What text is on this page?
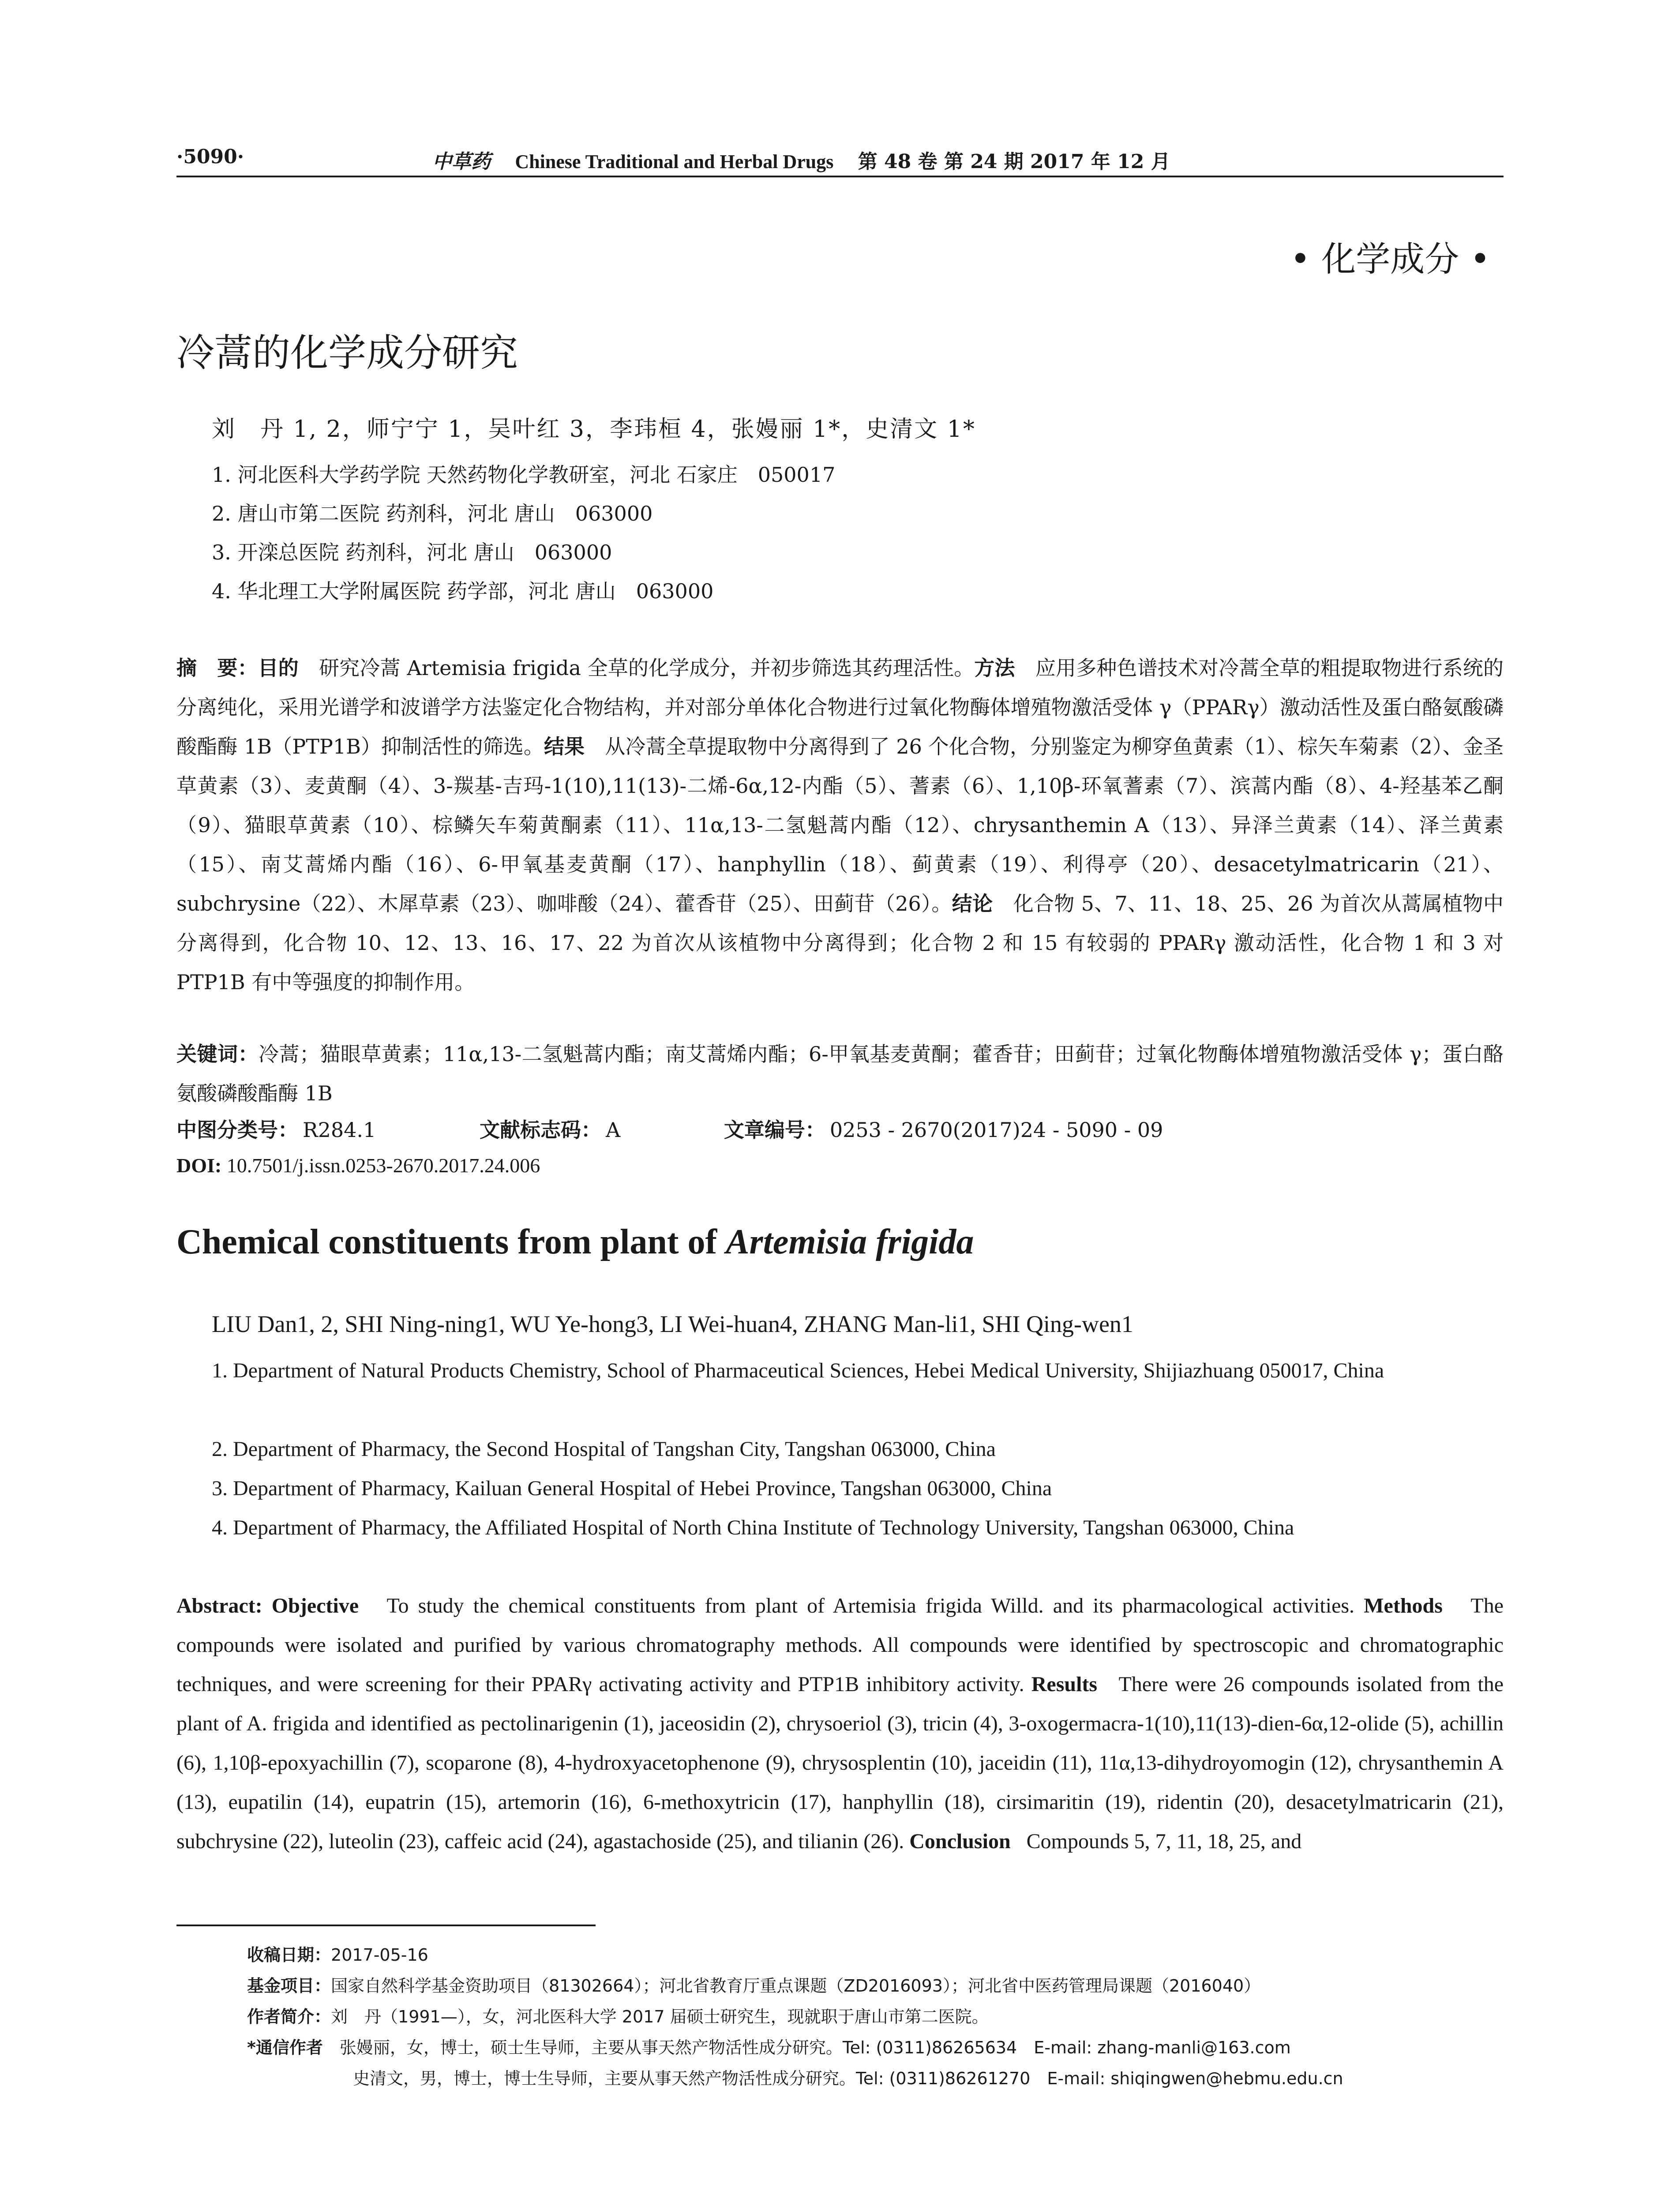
·5090·	中草药 Chinese Traditional and Herbal Drugs 第 48 卷 第 24 期 2017 年 12 月
• 化学成分 •
冷蒿的化学成分研究
刘　丹 1, 2，师宁宁 1，吴叶红 3，李玮桓 4，张嫚丽 1*，史清文 1*
1. 河北医科大学药学院 天然药物化学教研室，河北 石家庄　050017
2. 唐山市第二医院 药剂科，河北 唐山　063000
3. 开滦总医院 药剂科，河北 唐山　063000
4. 华北理工大学附属医院 药学部，河北 唐山　063000
摘　要：目的　 研究冷蒿 Artemisia frigida 全草的化学成分，并初步筛选其药理活性。方法　 应用多种色谱技术对冷蒿全草的粗提取物进行系统的分离纯化，采用光谱学和波谱学方法鉴定化合物结构，并对部分单体化合物进行过氧化物酶体增殖物激活受体 γ（PPARγ）激动活性及蛋白酪氨酸磷酸酯酶 1B（PTP1B）抑制活性的筛选。结果　 从冷蒿全草提取物中分离得到了 26 个化合物，分别鉴定为柳穿鱼黄素（1）、棕矢车菊素（2）、金圣草黄素（3）、麦黄酮（4）、3-羰基-吉玛-1(10),11(13)-二烯-6α,12-内酯（5）、蓍素（6）、1,10β-环氧蓍素（7）、滨蒿内酯（8）、4-羟基苯乙酮（9）、猫眼草黄素（10）、棕鳞矢车菊黄酮素（11）、11α,13-二氢魁蒿内酯（12）、chrysanthemin A（13）、异泽兰黄素（14）、泽兰黄素（15）、南艾蒿烯内酯（16）、6-甲氧基麦黄酮（17）、hanphyllin（18）、蓟黄素（19）、利得亭（20）、desacetylmatricarin（21）、subchrysine（22）、木犀草素（23）、咖啡酸（24）、藿香苷（25）、田蓟苷（26）。结论　 化合物 5、7、11、18、25、26 为首次从蒿属植物中分离得到，化合物 10、12、13、16、17、22 为首次从该植物中分离得到；化合物 2 和 15 有较弱的 PPARγ 激动活性，化合物 1 和 3 对 PTP1B 有中等强度的抑制作用。
关键词：冷蒿；猫眼草黄素；11α,13-二氢魁蒿内酯；南艾蒿烯内酯；6-甲氧基麦黄酮；藿香苷；田蓟苷；过氧化物酶体增殖物激活受体 γ；蛋白酪氨酸磷酸酯酶 1B
中图分类号： R284.1	文献标志码： A	文章编号： 0253 - 2670(2017)24 - 5090 - 09
DOI: 10.7501/j.issn.0253-2670.2017.24.006
Chemical constituents from plant of Artemisia frigida
LIU Dan1, 2, SHI Ning-ning1, WU Ye-hong3, LI Wei-huan4, ZHANG Man-li1, SHI Qing-wen1
1. Department of Natural Products Chemistry, School of Pharmaceutical Sciences, Hebei Medical University, Shijiazhuang 050017, China
2. Department of Pharmacy, the Second Hospital of Tangshan City, Tangshan 063000, China
3. Department of Pharmacy, Kailuan General Hospital of Hebei Province, Tangshan 063000, China
4. Department of Pharmacy, the Affiliated Hospital of North China Institute of Technology University, Tangshan 063000, China
Abstract: Objective To study the chemical constituents from plant of Artemisia frigida Willd. and its pharmacological activities. Methods The compounds were isolated and purified by various chromatography methods. All compounds were identified by spectroscopic and chromatographic techniques, and were screening for their PPARγ activating activity and PTP1B inhibitory activity. Results There were 26 compounds isolated from the plant of A. frigida and identified as pectolinarigenin (1), jaceosidin (2), chrysoeriol (3), tricin (4), 3-oxogermacra-1(10),11(13)-dien-6α,12-olide (5), achillin (6), 1,10β-epoxyachillin (7), scoparone (8), 4-hydroxyacetophenone (9), chrysosplentin (10), jaceidin (11), 11α,13-dihydroyomogin (12), chrysanthemin A (13), eupatilin (14), eupatrin (15), artemorin (16), 6-methoxytricin (17), hanphyllin (18), cirsimaritin (19), ridentin (20), desacetylmatricarin (21), subchrysine (22), luteolin (23), caffeic acid (24), agastachoside (25), and tilianin (26). Conclusion Compounds 5, 7, 11, 18, 25, and
收稿日期：2017-05-16
基金项目：国家自然科学基金资助项目（81302664）；河北省教育厅重点课题（ZD2016093）；河北省中医药管理局课题（2016040）
作者简介：刘　丹（1991—），女，河北医科大学 2017 届硕士研究生，现就职于唐山市第二医院。
*通信作者　 张嫚丽，女，博士，硕士生导师，主要从事天然产物活性成分研究。Tel: (0311)86265634　E-mail: zhang-manli@163.com
史清文，男，博士，博士生导师，主要从事天然产物活性成分研究。Tel: (0311)86261270　E-mail: shiqingwen@hebmu.edu.cn
